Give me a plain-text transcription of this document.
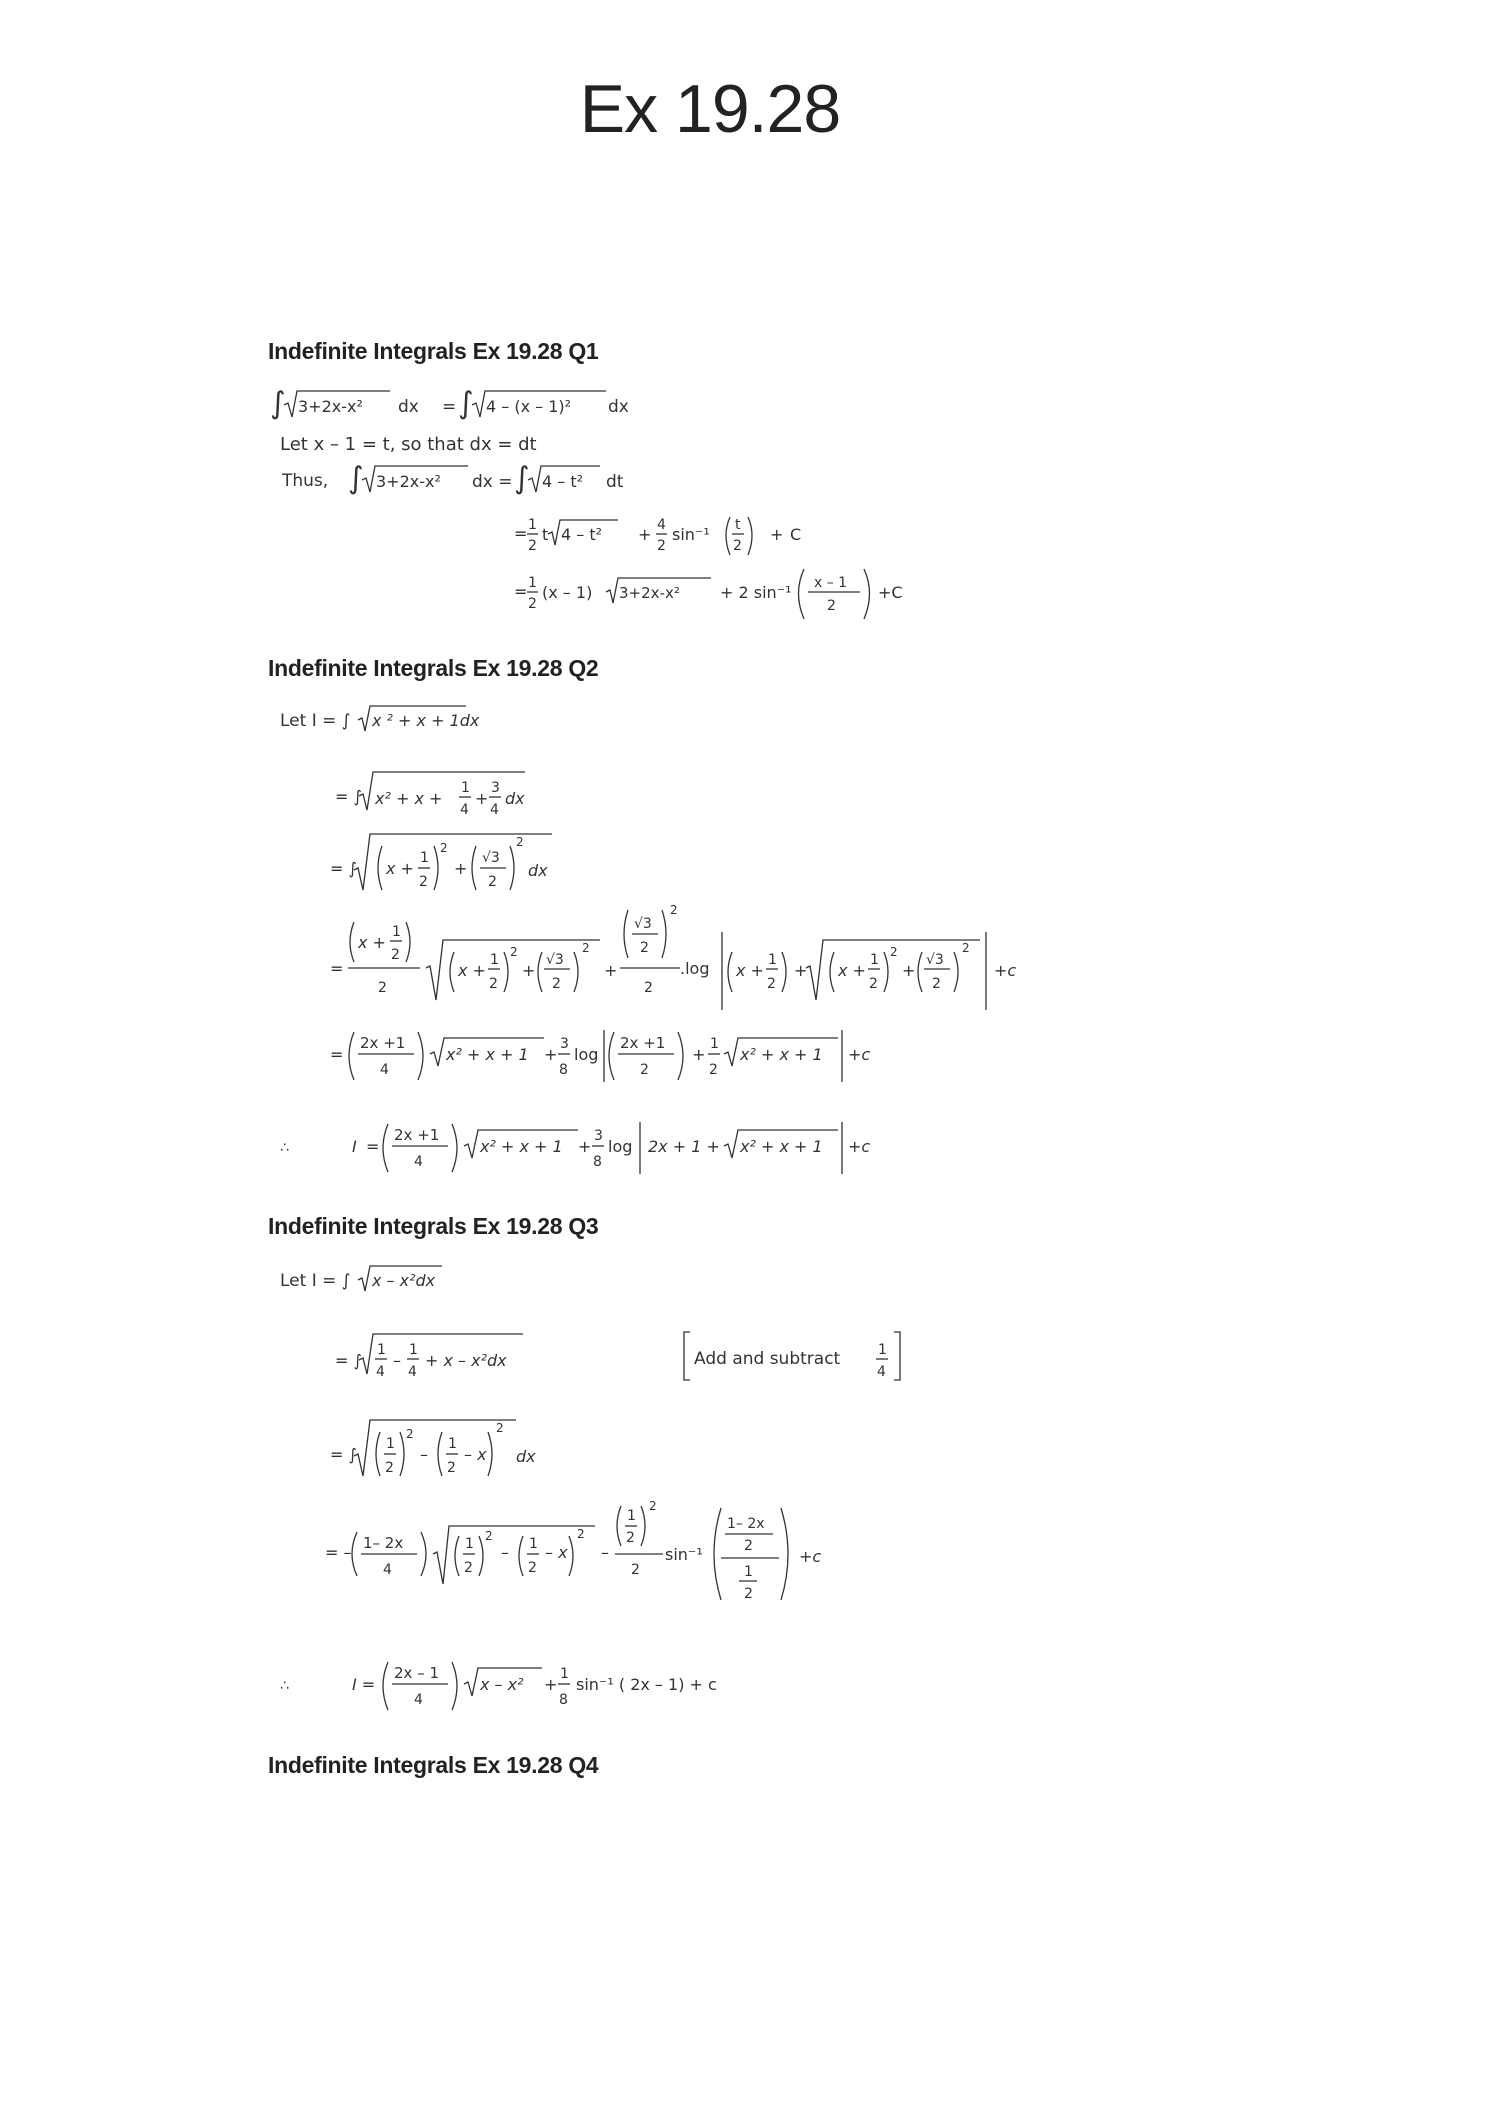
Ex 19.28
Indefinite Integrals Ex 19.28 Q1
∫ 3+2x-x² dx = ∫ 4 – (x – 1)² dx
Let x – 1 = t, so that dx = dt
Thus, ∫ 3+2x-x² dx = ∫ 4 – t² dt
= 1
2
t 4 – t² + 4
2
sin⁻¹ t
2
+ C
= 1
2
(x – 1) 3+2x-x²	+ 2 sin⁻¹ x – 1
2
+C
Indefinite Integrals Ex 19.28 Q2
Let I = ∫ x ² + x + 1dx
= ∫ x² + x +
1
4
+
3
4
dx
= ∫ x +
1
2
2
+
√3
2
2
dx
=
x +
1
2
2
x +
1
2
2
+
√3
2
2
+
√3
2
2
2
.log x +
1
2
+ x +
1
2
2
+
√3
2
2
+c
=
2x +1
4
x² + x + 1 +
3
8
log
2x +1
2
+
1
2
x² + x + 1 +c
∴	I =
2x +1
4
x² + x + 1 +
3
8
log 2x + 1 + x² + x + 1 +c
Indefinite Integrals Ex 19.28 Q3
Let I = ∫ x – x²dx
= ∫
1
4
–
1
4
+ x – x²dx	Add and subtract	1
4
= ∫
1
2
2
–
1
2
– x
2
dx
= – 1– 2x
4
1
2
2
– 1
2
– x
2
–
1
2
2
2
sin⁻¹
1– 2x
2
1
2
+c
∴	I =
2x – 1
4
x – x² +
1
8
sin⁻¹ ( 2x – 1) + c
Indefinite Integrals Ex 19.28 Q4
